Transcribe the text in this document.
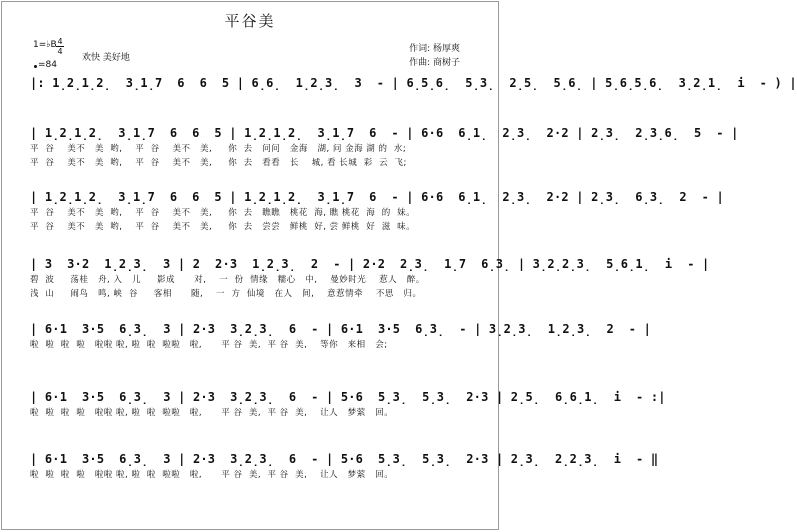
平谷美
1=♭B 4
4
=84
欢快 美好地
作词: 杨厚爽
作曲: 商树子
|: 1̣2̣1̣2̣  3̣1̣7  6  6  5 | 6̣6̣  1̣2̣3̣  3  - | 6̣5̣6̣  5̣3̣  2̣5̣  5̣6̣ | 5̣6̣5̣6̣  3̣2̣1̣  i  - ) |
| 1̣2̣1̣2̣  3̣1̣7  6  6  5 | 1̣2̣1̣2̣  3̣1̣7  6  - | 6·6  6̣1̣  2̣3̣  2·2 | 2̣3̣  2̣3̣6̣  5  - |
平  谷    美不   美  哟,    平  谷    美不   美,     你  去   问问   金海   湖, 问 金海 湖 的  水;
平  谷    美不   美  哟,    平  谷    美不   美,     你  去   看看   长    城, 看 长城  彩  云  飞;
| 1̣2̣1̣2̣  3̣1̣7  6  6  5 | 1̣2̣1̣2̣  3̣1̣7  6  - | 6·6  6̣1̣  2̣3̣  2·2 | 2̣3̣  6̣3̣  2  - |
平  谷    美不   美  哟,    平  谷    美不   美,     你  去   瞧瞧   桃花  海, 瞧 桃花  海  的  妹。
平  谷    美不   美  哟,    平  谷    美不   美,     你  去   尝尝   鲜桃  好, 尝 鲜桃  好  滋  味。
| 3  3·2  1̣2̣3̣  3 | 2  2·3  1̣2̣3̣  2  - | 2·2  2̣3̣  1̣7  6̣3̣ | 3̣2̣2̣3̣  5̣6̣1̣  i  - |
碧  波     荡桂   舟, 入   儿     影成      对,    一  份  情缘   糯心   中,    曼妙时光    惹人   醉。
浅  山     闹鸟   鸣, 峡  谷     客相      随,    一  方  仙境   在人   间,    意惹情牵    不思   归。
| 6·1  3·5  6̣3̣  3 | 2·3  3̣2̣3̣  6  - | 6·1  3·5  6̣3̣  - | 3̣2̣3̣  1̣2̣3̣  2  - |
啦  啦  啦  啦   啦啦 啦, 啦  啦  啦啦   啦,      平 谷  美,  平 谷  美,    等你   来相   会;
| 6·1  3·5  6̣3̣  3 | 2·3  3̣2̣3̣  6  - | 5·6  5̣3̣  5̣3̣  2·3 | 2̣5̣  6̣6̣1̣  i  - :|
啦  啦  啦  啦   啦啦 啦, 啦  啦  啦啦   啦,      平 谷  美,  平 谷  美,    让人   梦萦   回。
| 6·1  3·5  6̣3̣  3 | 2·3  3̣2̣3̣  6  - | 5·6  5̣3̣  5̣3̣  2·3 | 2̣3̣  2̣2̣3̣  i  - ‖
啦  啦  啦  啦   啦啦 啦, 啦  啦  啦啦   啦,      平 谷  美,  平 谷  美,    让人   梦萦   回。
